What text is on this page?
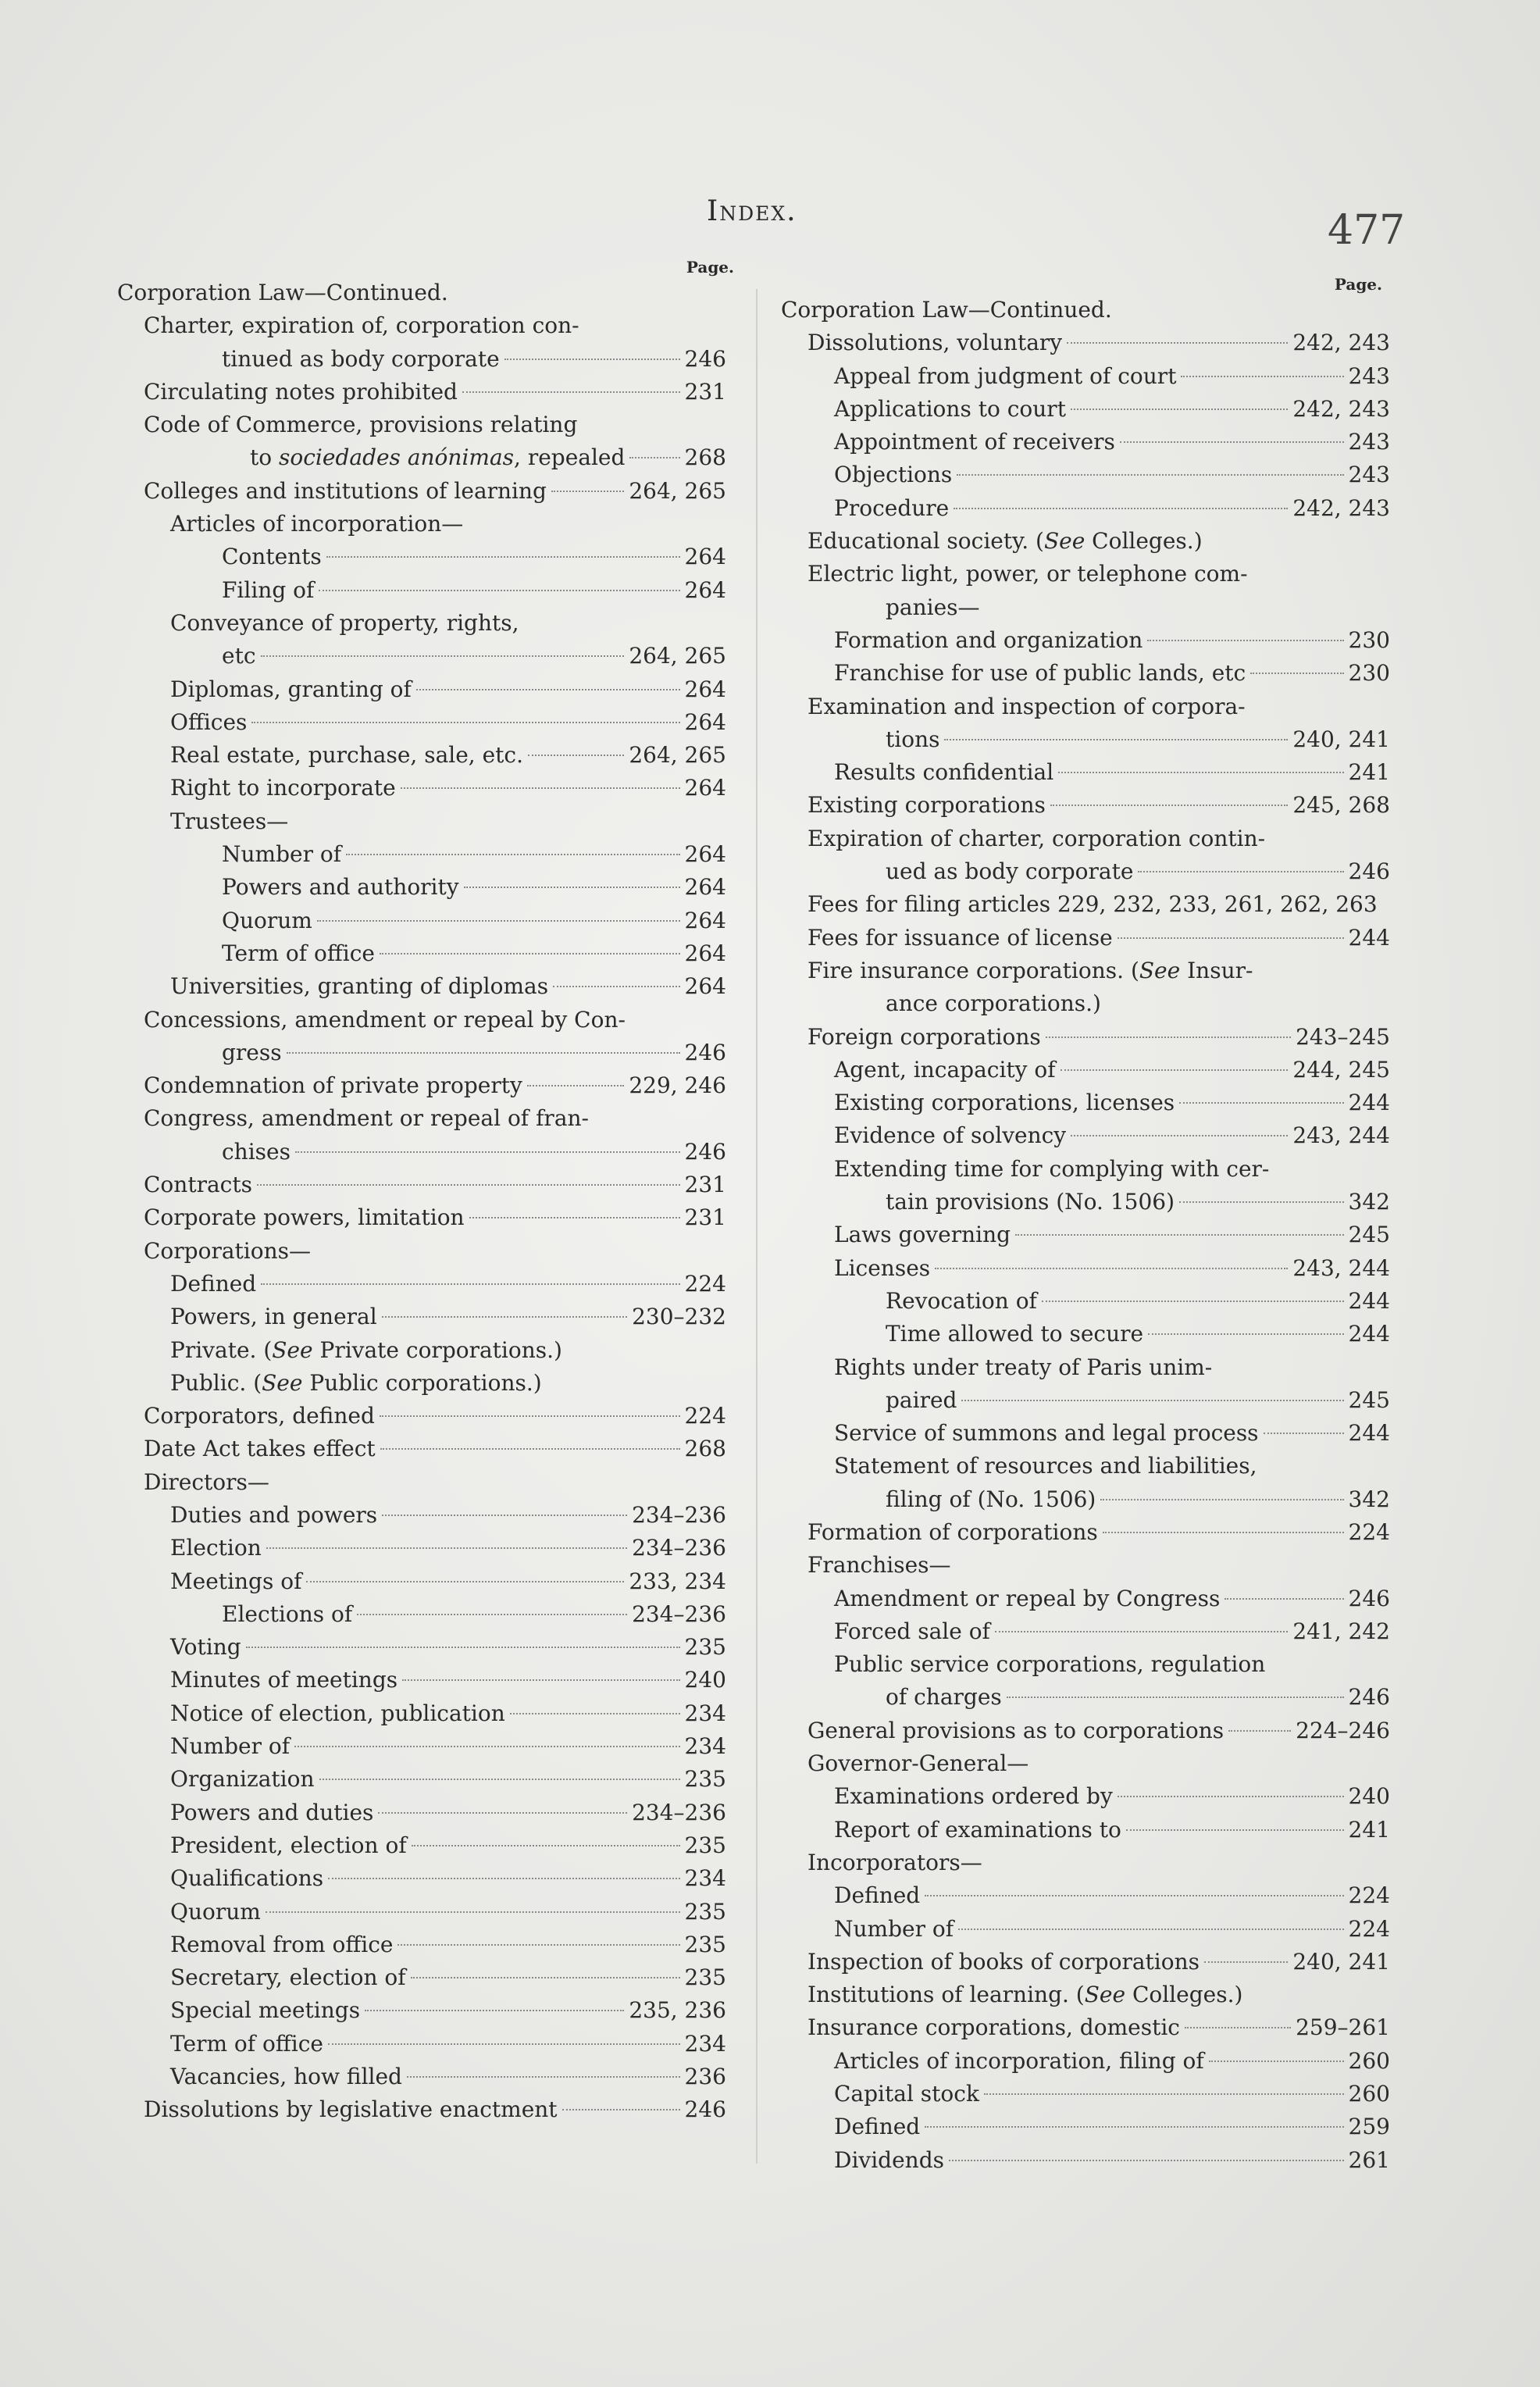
Index.	477
Page.
Corporation Law—Continued.
Charter, expiration of, corporation con-
tinued as body corporate	246
Circulating notes prohibited	231
Code of Commerce, provisions relating
to sociedades anónimas, repealed	268
Colleges and institutions of learning	264, 265
Articles of incorporation—
Contents	264
Filing of	264
Conveyance of property, rights,
etc	264, 265
Diplomas, granting of	264
Offices	264
Real estate, purchase, sale, etc.	264, 265
Right to incorporate	264
Trustees—
Number of	264
Powers and authority	264
Quorum	264
Term of office	264
Universities, granting of diplomas	264
Concessions, amendment or repeal by Con-
gress	246
Condemnation of private property	229, 246
Congress, amendment or repeal of fran-
chises	246
Contracts	231
Corporate powers, limitation	231
Corporations—
Defined	224
Powers, in general	230–232
Private. (See Private corporations.)
Public. (See Public corporations.)
Corporators, defined	224
Date Act takes effect	268
Directors—
Duties and powers	234–236
Election	234–236
Meetings of	233, 234
Elections of	234–236
Voting	235
Minutes of meetings	240
Notice of election, publication	234
Number of	234
Organization	235
Powers and duties	234–236
President, election of	235
Qualifications	234
Quorum	235
Removal from office	235
Secretary, election of	235
Special meetings	235, 236
Term of office	234
Vacancies, how filled	236
Dissolutions by legislative enactment	246
Page.
Corporation Law—Continued.
Dissolutions, voluntary	242, 243
Appeal from judgment of court	243
Applications to court	242, 243
Appointment of receivers	243
Objections	243
Procedure	242, 243
Educational society. (See Colleges.)
Electric light, power, or telephone com-
panies—
Formation and organization	230
Franchise for use of public lands, etc	230
Examination and inspection of corpora-
tions	240, 241
Results confidential	241
Existing corporations	245, 268
Expiration of charter, corporation contin-
ued as body corporate	246
Fees for filing articles 229, 232, 233, 261, 262, 263
Fees for issuance of license	244
Fire insurance corporations. (See Insur-
ance corporations.)
Foreign corporations	243–245
Agent, incapacity of	244, 245
Existing corporations, licenses	244
Evidence of solvency	243, 244
Extending time for complying with cer-
tain provisions (No. 1506)	342
Laws governing	245
Licenses	243, 244
Revocation of	244
Time allowed to secure	244
Rights under treaty of Paris unim-
paired	245
Service of summons and legal process	244
Statement of resources and liabilities,
filing of (No. 1506)	342
Formation of corporations	224
Franchises—
Amendment or repeal by Congress	246
Forced sale of	241, 242
Public service corporations, regulation
of charges	246
General provisions as to corporations	224–246
Governor-General—
Examinations ordered by	240
Report of examinations to	241
Incorporators—
Defined	224
Number of	224
Inspection of books of corporations	240, 241
Institutions of learning. (See Colleges.)
Insurance corporations, domestic	259–261
Articles of incorporation, filing of	260
Capital stock	260
Defined	259
Dividends	261
